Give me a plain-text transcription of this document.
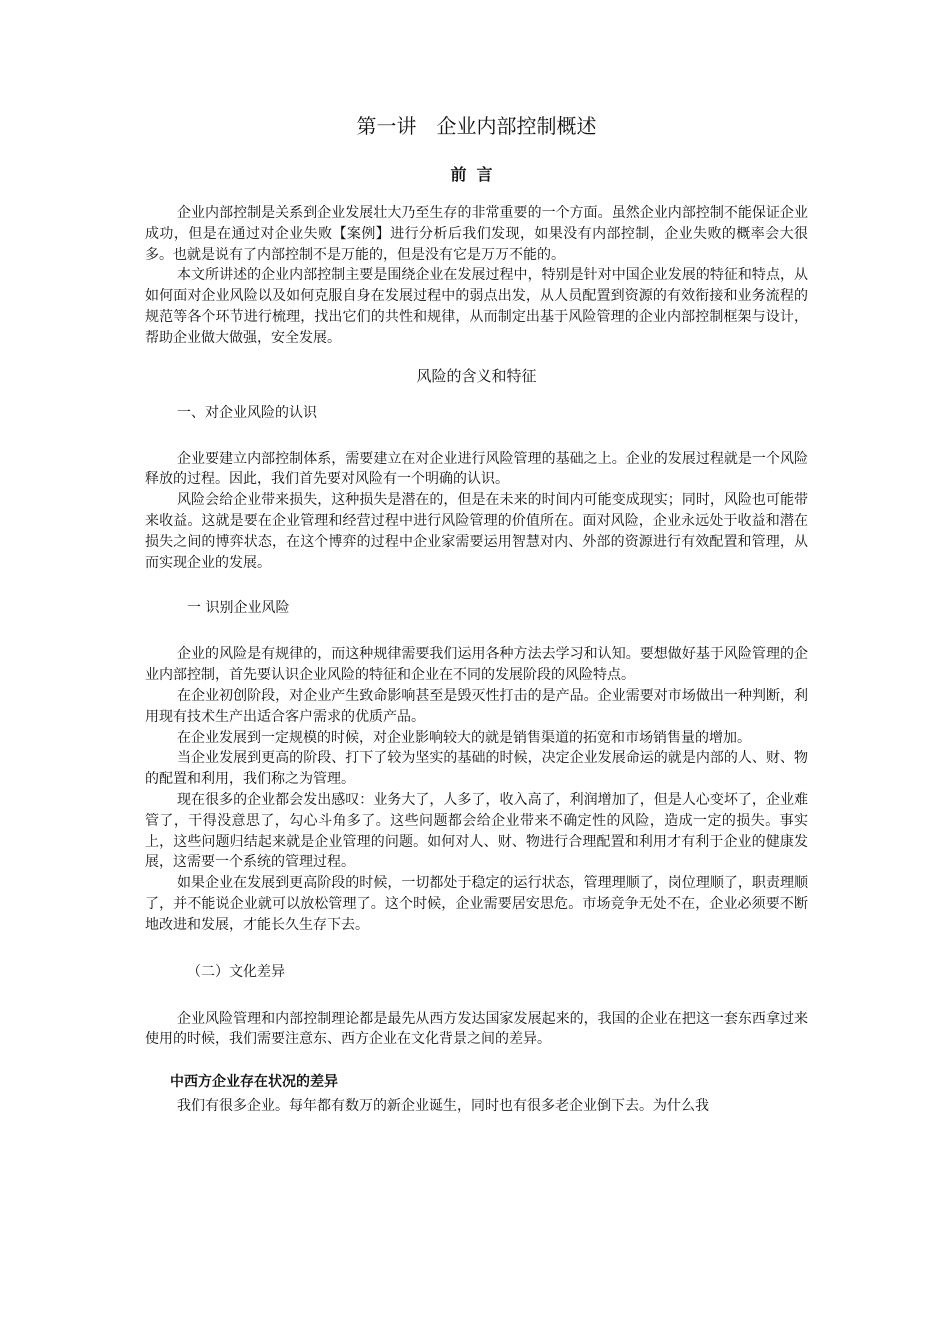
第一讲　企业内部控制概述
前言

企业内部控制是关系到企业发展壮大乃至生存的非常重要的一个方面。虽然企业内部控制不能保证企业成功，但是在通过对企业失败【案例】进行分析后我们发现，如果没有内部控制，企业失败的概率会大很多。也就是说有了内部控制不是万能的，但是没有它是万万不能的。

本文所讲述的企业内部控制主要是围绕企业在发展过程中，特别是针对中国企业发展的特征和特点，从如何面对企业风险以及如何克服自身在发展过程中的弱点出发，从人员配置到资源的有效衔接和业务流程的规范等各个环节进行梳理，找出它们的共性和规律，从而制定出基于风险管理的企业内部控制框架与设计，帮助企业做大做强，安全发展。

风险的含义和特征
一、对企业风险的认识

企业要建立内部控制体系，需要建立在对企业进行风险管理的基础之上。企业的发展过程就是一个风险释放的过程。因此，我们首先要对风险有一个明确的认识。

风险会给企业带来损失，这种损失是潜在的，但是在未来的时间内可能变成现实；同时，风险也可能带来收益。这就是要在企业管理和经营过程中进行风险管理的价值所在。面对风险，企业永远处于收益和潜在损失之间的博弈状态，在这个博弈的过程中企业家需要运用智慧对内、外部的资源进行有效配置和管理，从而实现企业的发展。

一 识别企业风险

企业的风险是有规律的，而这种规律需要我们运用各种方法去学习和认知。要想做好基于风险管理的企业内部控制，首先要认识企业风险的特征和企业在不同的发展阶段的风险特点。

在企业初创阶段，对企业产生致命影响甚至是毁灭性打击的是产品。企业需要对市场做出一种判断，利用现有技术生产出适合客户需求的优质产品。

在企业发展到一定规模的时候，对企业影响较大的就是销售渠道的拓宽和市场销售量的增加。

当企业发展到更高的阶段、打下了较为坚实的基础的时候，决定企业发展命运的就是内部的人、财、物的配置和利用，我们称之为管理。

现在很多的企业都会发出感叹：业务大了，人多了，收入高了，利润增加了，但是人心变坏了，企业难管了，干得没意思了，勾心斗角多了。这些问题都会给企业带来不确定性的风险，造成一定的损失。事实上，这些问题归结起来就是企业管理的问题。如何对人、财、物进行合理配置和利用才有利于企业的健康发展，这需要一个系统的管理过程。

如果企业在发展到更高阶段的时候，一切都处于稳定的运行状态，管理理顺了，岗位理顺了，职责理顺了，并不能说企业就可以放松管理了。这个时候，企业需要居安思危。市场竞争无处不在，企业必须要不断地改进和发展，才能长久生存下去。

（二）文化差异

企业风险管理和内部控制理论都是最先从西方发达国家发展起来的，我国的企业在把这一套东西拿过来使用的时候，我们需要注意东、西方企业在文化背景之间的差异。

中西方企业存在状况的差异

我们有很多企业。每年都有数万的新企业诞生，同时也有很多老企业倒下去。为什么我
